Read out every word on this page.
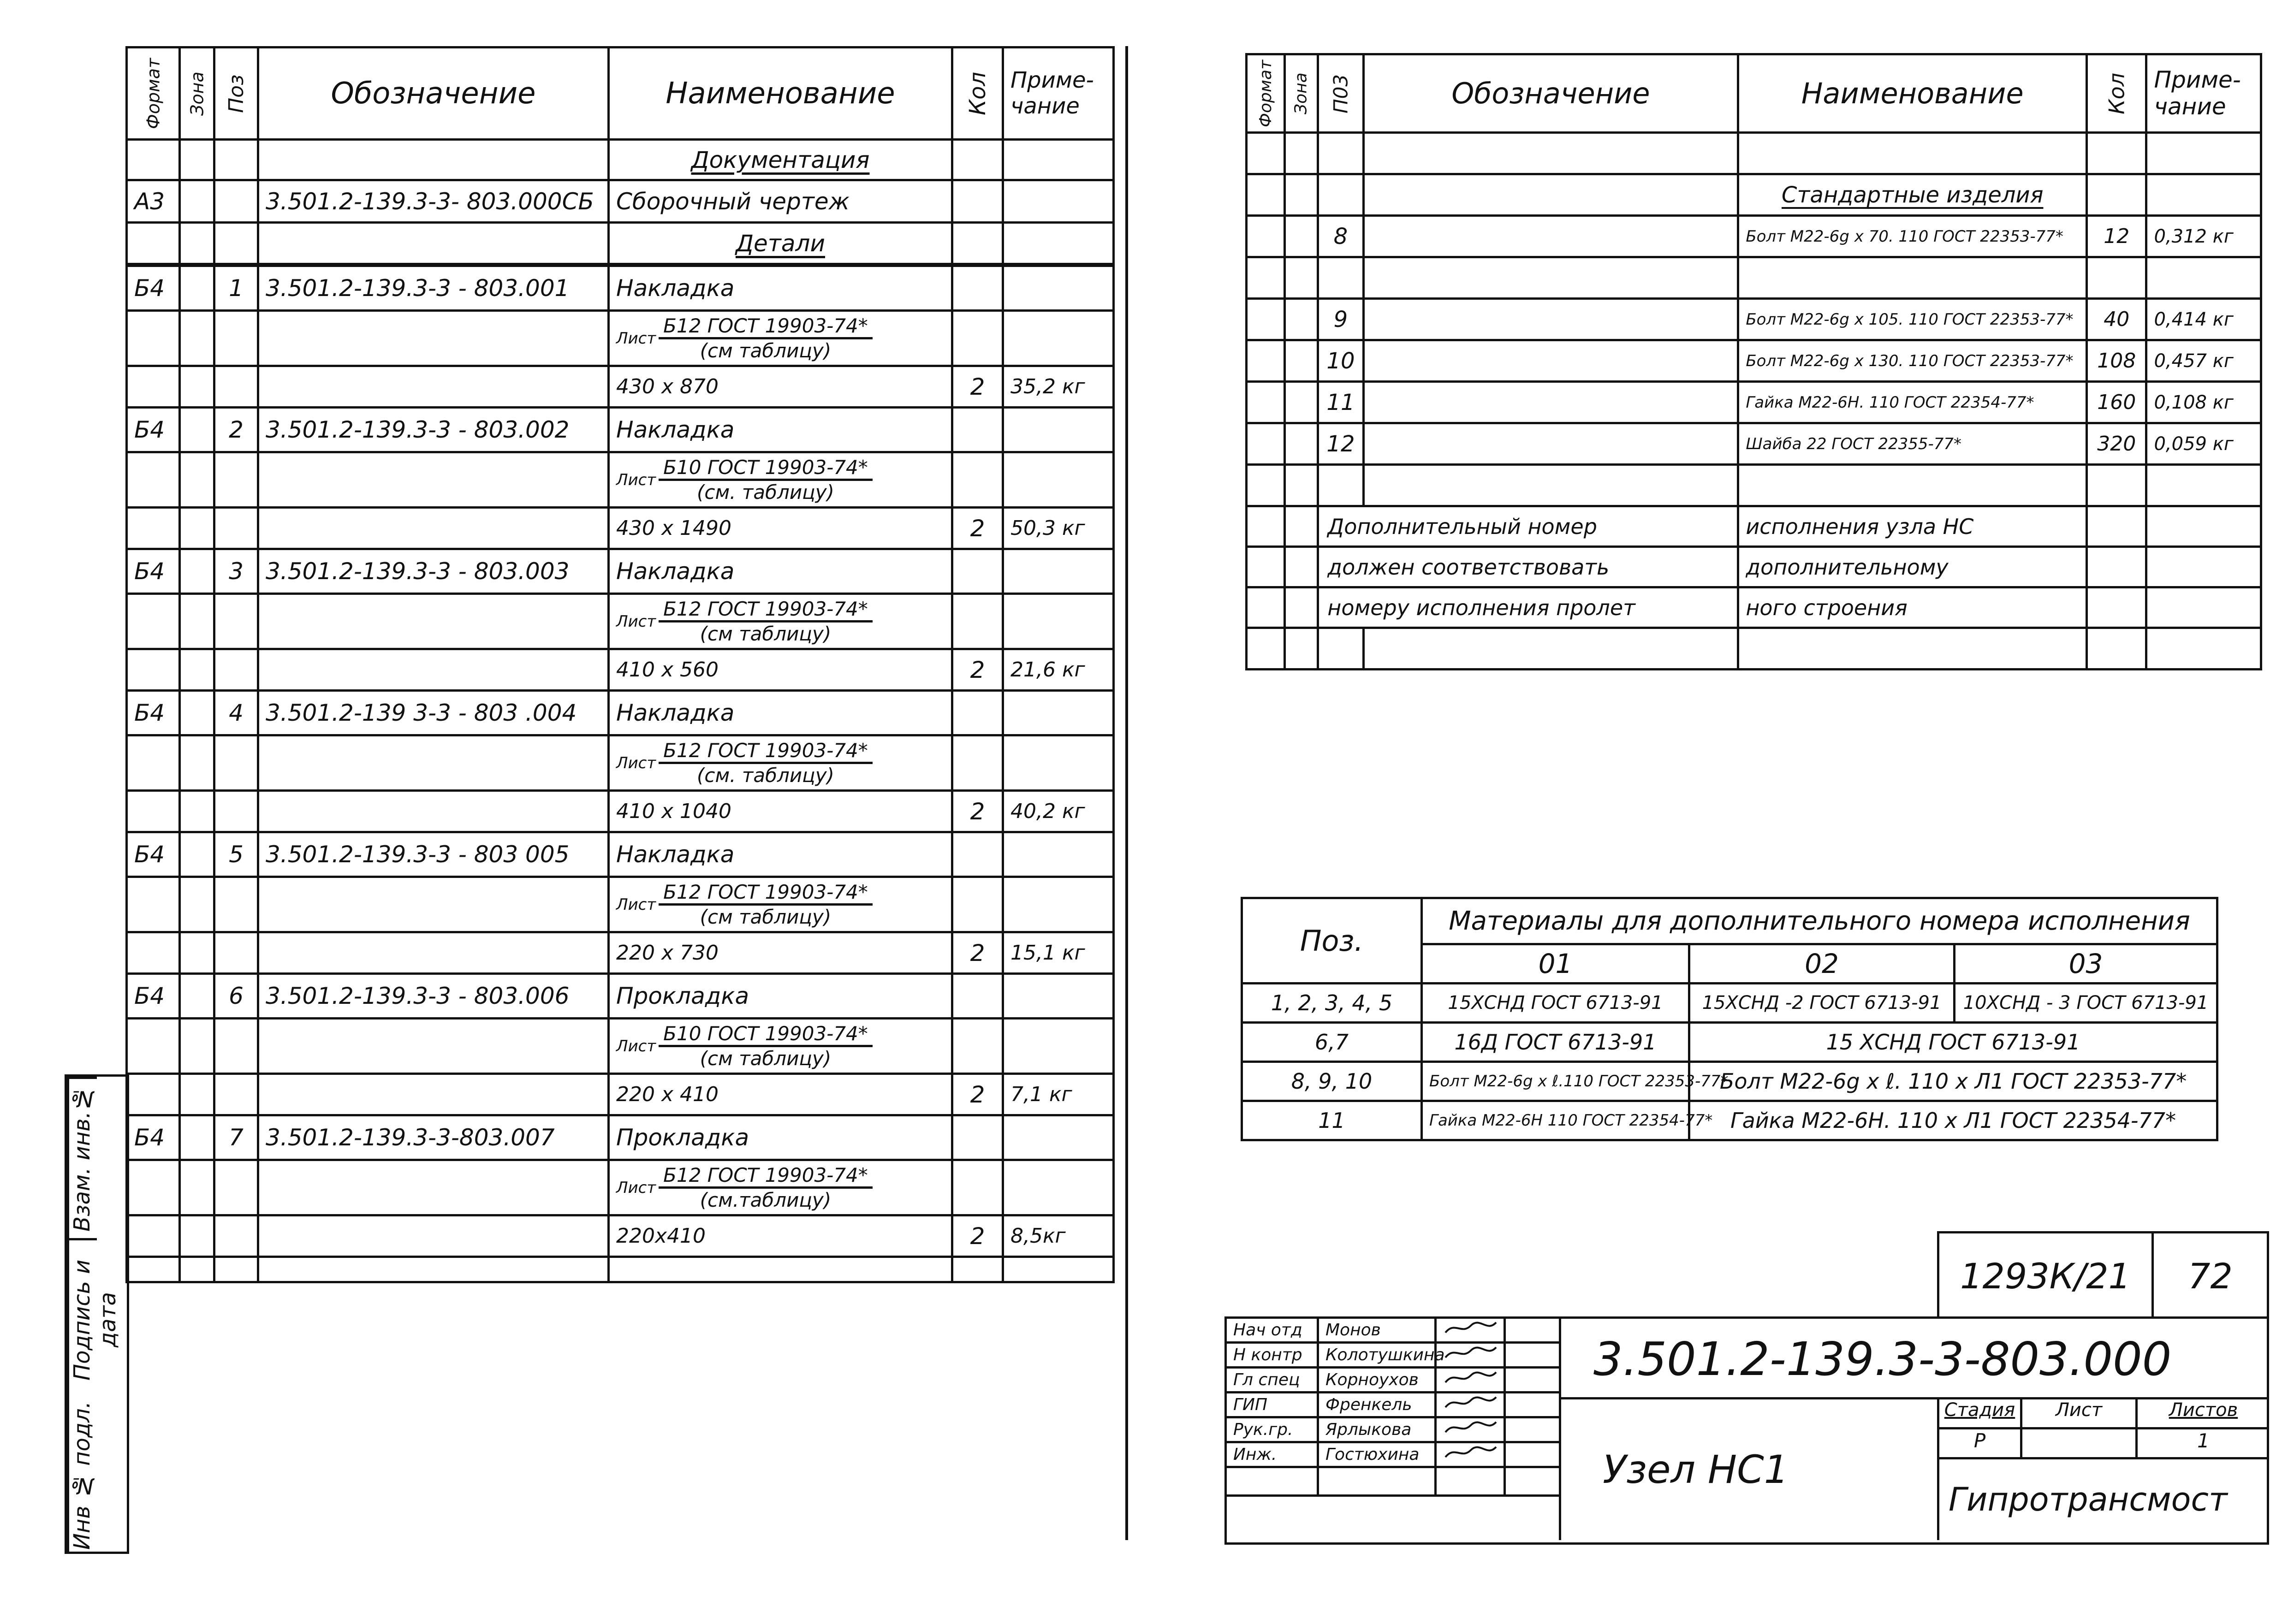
Инв № подл.
Подпись и дата
Взам. инв.№
Формат	Зона	Поз	Обозначение	Наименование	Кол	Приме-
чание
				Документация		
А3			3.501.2-139.3-3- 803.000СБ	Сборочный чертеж		
				Детали		
Б4		1	3.501.2-139.3-3 - 803.001	Накладка		

				Лист $\frac{\text{Б12 ГОСТ 19903-74*}}{\text{(см таблицу)}}$

				430 x 870	2	35,2 кг
Б4		2	3.501.2-139.3-3 - 803.002	Накладка		

				Лист $\frac{\text{Б10 ГОСТ 19903-74*}}{\text{(см. таблицу)}}$

				430 x 1490	2	50,3 кг
Б4		3	3.501.2-139.3-3 - 803.003	Накладка		

				Лист $\frac{\text{Б12 ГОСТ 19903-74*}}{\text{(см таблицу)}}$

				410 x 560	2	21,6 кг
Б4		4	3.501.2-139 3-3 - 803 .004	Накладка		

				Лист $\frac{\text{Б12 ГОСТ 19903-74*}}{\text{(см. таблицу)}}$

				410 x 1040	2	40,2 кг
Б4		5	3.501.2-139.3-3 - 803 005	Накладка		

				Лист $\frac{\text{Б12 ГОСТ 19903-74*}}{\text{(см таблицу)}}$

				220 x 730	2	15,1 кг
Б4		6	3.501.2-139.3-3 - 803.006	Прокладка		

				Лист $\frac{\text{Б10 ГОСТ 19903-74*}}{\text{(см таблицу)}}$

				220 x 410	2	7,1 кг
Б4		7	3.501.2-139.3-3-803.007	Прокладка		

				Лист $\frac{\text{Б12 ГОСТ 19903-74*}}{\text{(см.таблицу)}}$

				220x410	2	8,5кг

Формат	Зона	П03	Обозначение	Наименование	Кол	Приме-
чание

				Стандартные изделия		
		8		Болт М22-6g x 70. 110 ГОСТ 22353-77*	12	0,312 кг

		9		Болт М22-6g x 105. 110 ГОСТ 22353-77*	40	0,414 кг
		10		Болт М22-6g x 130. 110 ГОСТ 22353-77*	108	0,457 кг
		11		Гайка М22-6Н. 110 ГОСТ 22354-77*	160	0,108 кг
		12		Шайба 22 ГОСТ 22355-77*	320	0,059 кг

		Дополнительный номер		исполнения узла НС		
		должен соответствовать		дополнительному		
		номеру исполнения пролет		ного строения		

Поз.	Материалы для дополнительного номера исполнения		
	01	02	03
1, 2, 3, 4, 5	15ХСНД ГОСТ 6713-91	15ХСНД -2 ГОСТ 6713-91	10ХСНД - 3 ГОСТ 6713-91
6,7	16Д ГОСТ 6713-91	15 ХСНД ГОСТ 6713-91	
8, 9, 10	Болт М22-6g x ℓ.110 ГОСТ 22353-77*	Болт М22-6g x ℓ. 110 x Л1 ГОСТ 22353-77*	
11	Гайка М22-6Н 110 ГОСТ 22354-77*	Гайка М22-6Н. 110 x Л1 ГОСТ 22354-77*	
1293К/21	72
Нач отд	Монов		
Н контр	Колотушкина		
Гл спец	Корноухов		
ГИП	Френкель		
Рук.гр.	Ярлыкова		
Инж.	Гостюхина		

3.501.2-139.3-3-803.000
Узел НС1
Стадия	Лист	Листов
Р	1
Гипротрансмост
